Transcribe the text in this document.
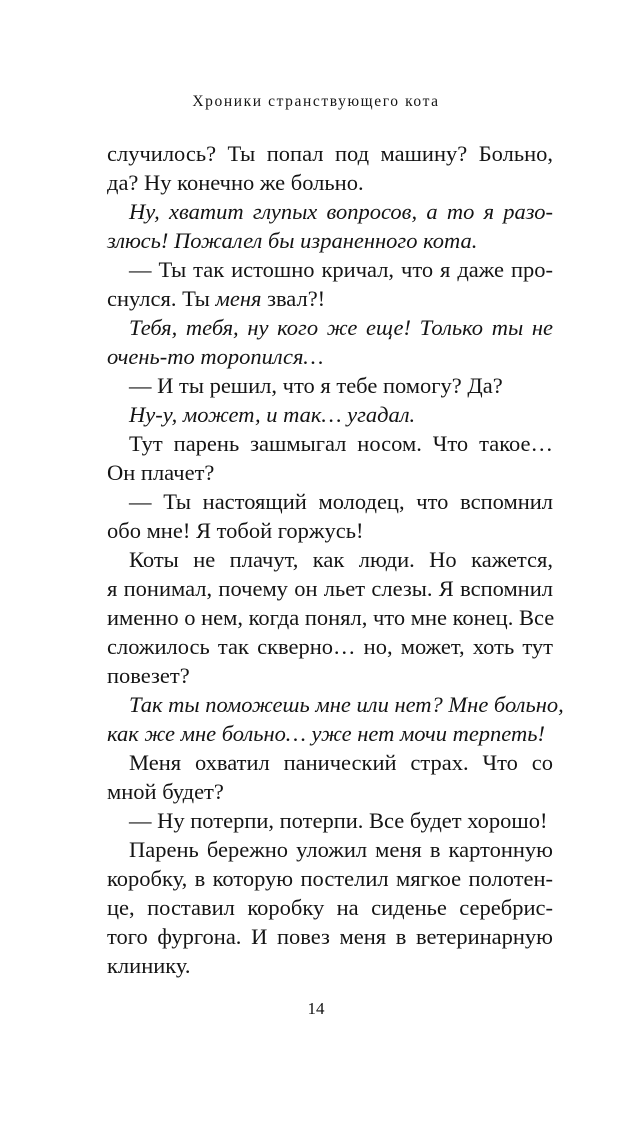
Хроники странствующего кота
случилось? Ты попал под машину? Больно,
да? Ну конечно же больно.
Ну, хватит глупых вопросов, а то я разо-
злюсь! Пожалел бы израненного кота.
— Ты так истошно кричал, что я даже про-
снулся. Ты меня звал?!
Тебя, тебя, ну кого же еще! Только ты не
очень-то торопился…
— И ты решил, что я тебе помогу? Да?
Ну-у, может, и так… угадал.
Тут парень зашмыгал носом. Что такое…
Он плачет?
— Ты настоящий молодец, что вспомнил
обо мне! Я тобой горжусь!
Коты не плачут, как люди. Но кажется,
я понимал, почему он льет слезы. Я вспомнил
именно о нем, когда понял, что мне конец. Все
сложилось так скверно… но, может, хоть тут
повезет?
Так ты поможешь мне или нет? Мне больно,
как же мне больно… уже нет мочи терпеть!
Меня охватил панический страх. Что со
мной будет?
— Ну потерпи, потерпи. Все будет хорошо!
Парень бережно уложил меня в картонную
коробку, в которую постелил мягкое полотен-
це, поставил коробку на сиденье серебрис-
того фургона. И повез меня в ветеринарную
клинику.
14
